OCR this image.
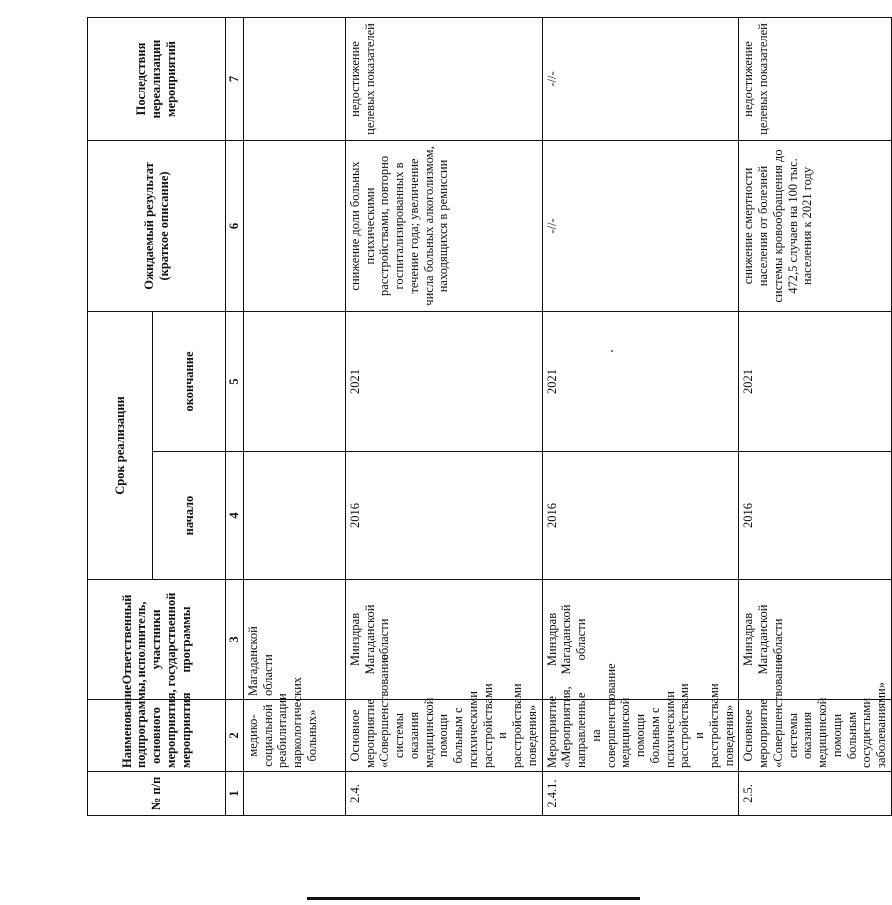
№ п/п	Наименование подпрограммы, основного мероприятия, мероприятия	Ответственный исполнитель, участники государственной программы	Срок реализации		Ожидаемый результат (краткое описание)	Последствия нереализации мероприятий
			начало	окончание		
1	2	3	4	5	6	7
	медико-социальной реабилитации наркологических больных»	Магаданской области				
2.4.	Основное мероприятие «Совершенствование системы оказания медицинской помощи больным с психическими расстройствами и расстройствами поведения»	Минздрав Магаданской области	2016	2021	снижение доли больных психическими расстройствами, повторно госпитализированных в течение года; увеличение числа больных алкоголизмом, находящихся в ремиссии	недостижение целевых показателей
2.4.1.	Мероприятие «Мероприятия, направленные на совершенствование медицинской помощи больным с психическими расстройствами и расстройствами поведения»	Минздрав Магаданской области	2016	2021	-//-	-//-
2.5.	Основное мероприятие «Совершенствование системы оказания медицинской помощи больным сосудистыми заболеваниями»	Минздрав Магаданской области	2016	2021	снижение смертности населения от болезней системы кровообращения до 472,5 случаев на 100 тыс. населения к 2021 году	недостижение целевых показателей
